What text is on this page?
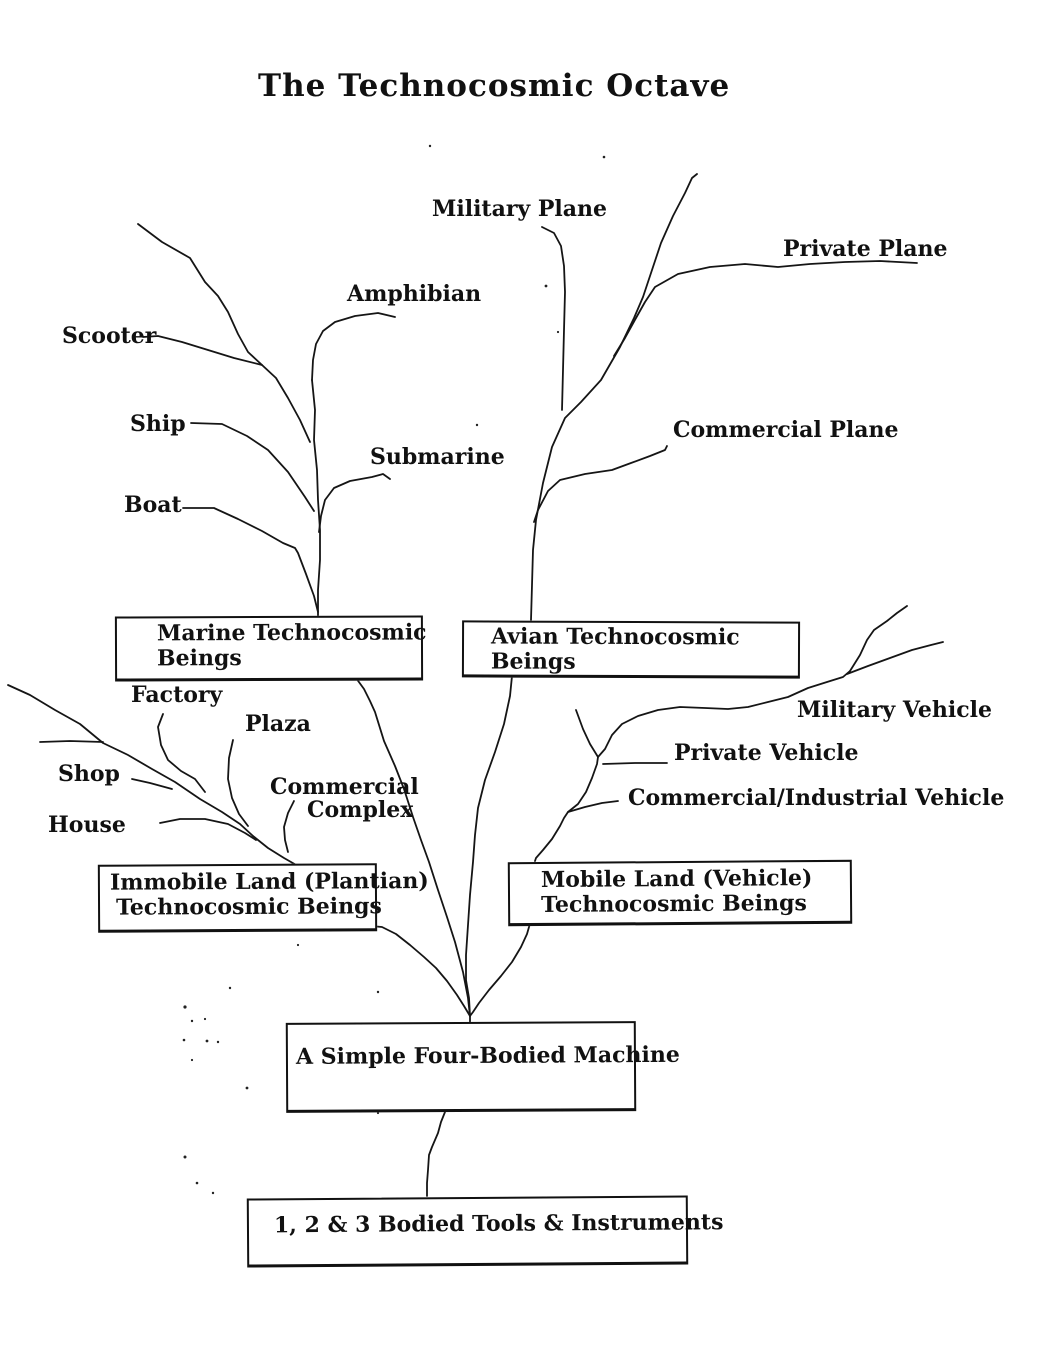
The Technocosmic Octave
Military Plane
Private Plane
Amphibian
Scooter
Ship	Commercial Plane
Submarine
Boat
Factory
Plaza
Shop	Commercial
Complex
House
Military Vehicle
Private Vehicle
Commercial/Industrial Vehicle
Marine Technocosmic
Beings
Avian Technocosmic
Beings
Immobile Land (Plantian)
Technocosmic Beings
Mobile Land (Vehicle)
Technocosmic Beings
A Simple Four-Bodied Machine
1, 2 & 3 Bodied Tools & Instruments
